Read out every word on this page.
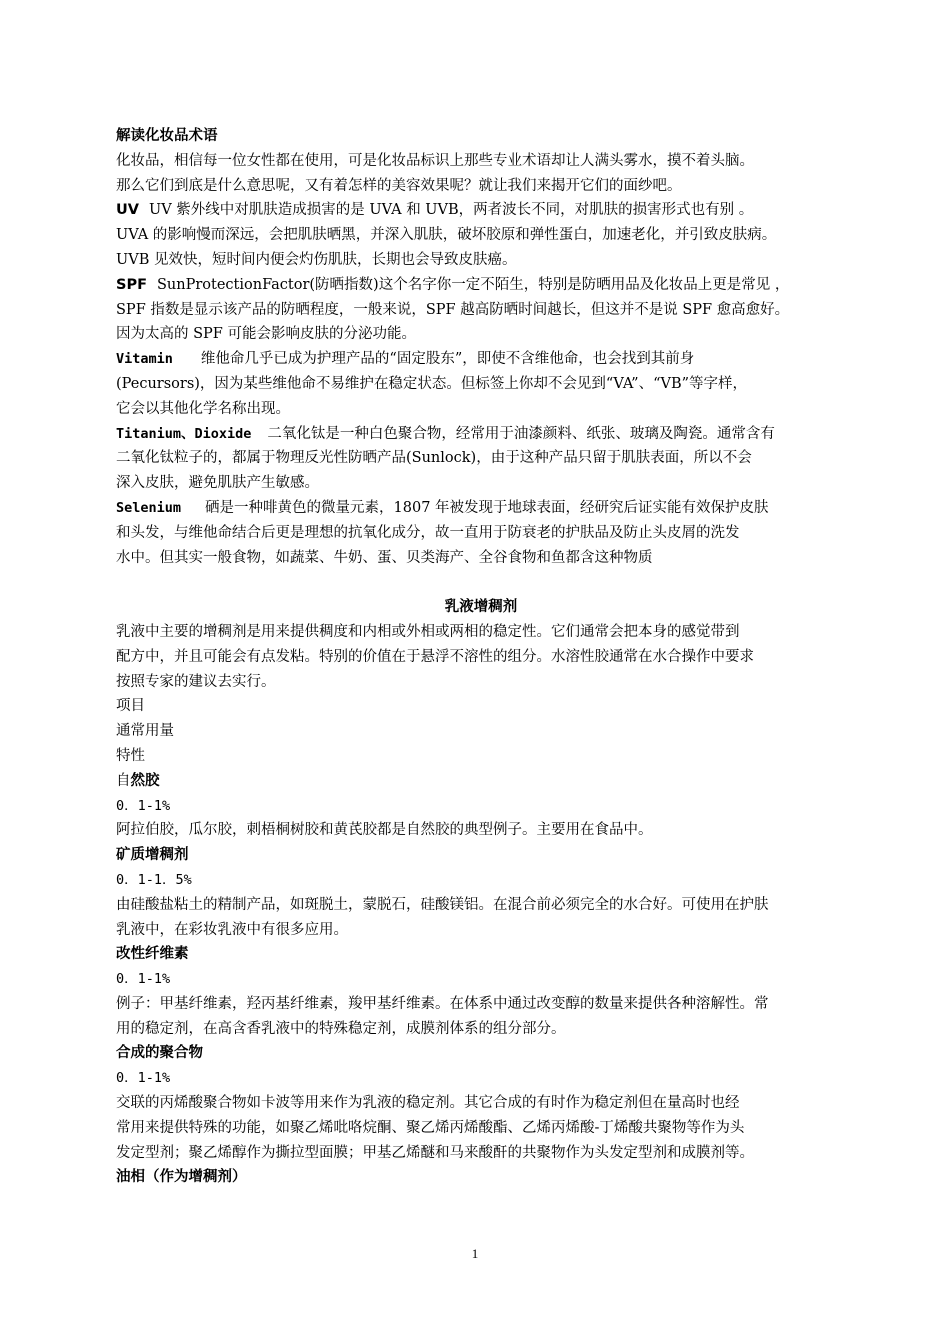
解读化妆品术语

化妆品，相信每一位女性都在使用，可是化妆品标识上那些专业术语却让人满头雾水，摸不着头脑。

那么它们到底是什么意思呢，又有着怎样的美容效果呢？就让我们来揭开它们的面纱吧。

UV UV 紫外线中对肌肤造成损害的是 UVA 和 UVB，两者波长不同，对肌肤的损害形式也有别 。

UVA 的影响慢而深远，会把肌肤晒黑，并深入肌肤，破坏胶原和弹性蛋白，加速老化，并引致皮肤病。

UVB 见效快，短时间内便会灼伤肌肤，长期也会导致皮肤癌。

SPF SunProtectionFactor(防晒指数)这个名字你一定不陌生，特别是防晒用品及化妆品上更是常见 ，

SPF 指数是显示该产品的防晒程度，一般来说，SPF 越高防晒时间越长，但这并不是说 SPF 愈高愈好。

因为太高的 SPF 可能会影响皮肤的分泌功能。

Vitamin 维他命几乎已成为护理产品的“固定股东”，即使不含维他命，也会找到其前身

(Pecursors)，因为某些维他命不易维护在稳定状态。但标签上你却不会见到“VA”、“VB”等字样，

它会以其他化学名称出现。

Titanium、Dioxide 二氧化钛是一种白色聚合物，经常用于油漆颜料、纸张、玻璃及陶瓷。通常含有

二氧化钛粒子的，都属于物理反光性防晒产品(Sunlock)，由于这种产品只留于肌肤表面，所以不会

深入皮肤，避免肌肤产生敏感。

Selenium 硒是一种啡黄色的微量元素，1807 年被发现于地球表面，经研究后证实能有效保护皮肤

和头发，与维他命结合后更是理想的抗氧化成分，故一直用于防衰老的护肤品及防止头皮屑的洗发

水中。但其实一般食物，如蔬菜、牛奶、蛋、贝类海产、全谷食物和鱼都含这种物质

乳液增稠剂

乳液中主要的增稠剂是用来提供稠度和内相或外相或两相的稳定性。它们通常会把本身的感觉带到

配方中，并且可能会有点发粘。特别的价值在于悬浮不溶性的组分。水溶性胶通常在水合操作中要求

按照专家的建议去实行。

项目

通常用量

特性

自然胶

0．1-1%

阿拉伯胶，瓜尔胶，刺梧桐树胶和黄芪胶都是自然胶的典型例子。主要用在食品中。

矿质增稠剂

0．1-1．5%

由硅酸盐粘土的精制产品，如斑脱土，蒙脱石，硅酸镁铝。在混合前必须完全的水合好。可使用在护肤

乳液中，在彩妆乳液中有很多应用。

改性纤维素

0．1-1%

例子：甲基纤维素，羟丙基纤维素，羧甲基纤维素。在体系中通过改变醇的数量来提供各种溶解性。常

用的稳定剂，在高含香乳液中的特殊稳定剂，成膜剂体系的组分部分。

合成的聚合物

0．1-1%

交联的丙烯酸聚合物如卡波等用来作为乳液的稳定剂。其它合成的有时作为稳定剂但在量高时也经

常用来提供特殊的功能，如聚乙烯吡咯烷酮、聚乙烯丙烯酸酯、乙烯丙烯酸-丁烯酸共聚物等作为头

发定型剂；聚乙烯醇作为撕拉型面膜；甲基乙烯醚和马来酸酐的共聚物作为头发定型剂和成膜剂等。

油相（作为增稠剂）

1
